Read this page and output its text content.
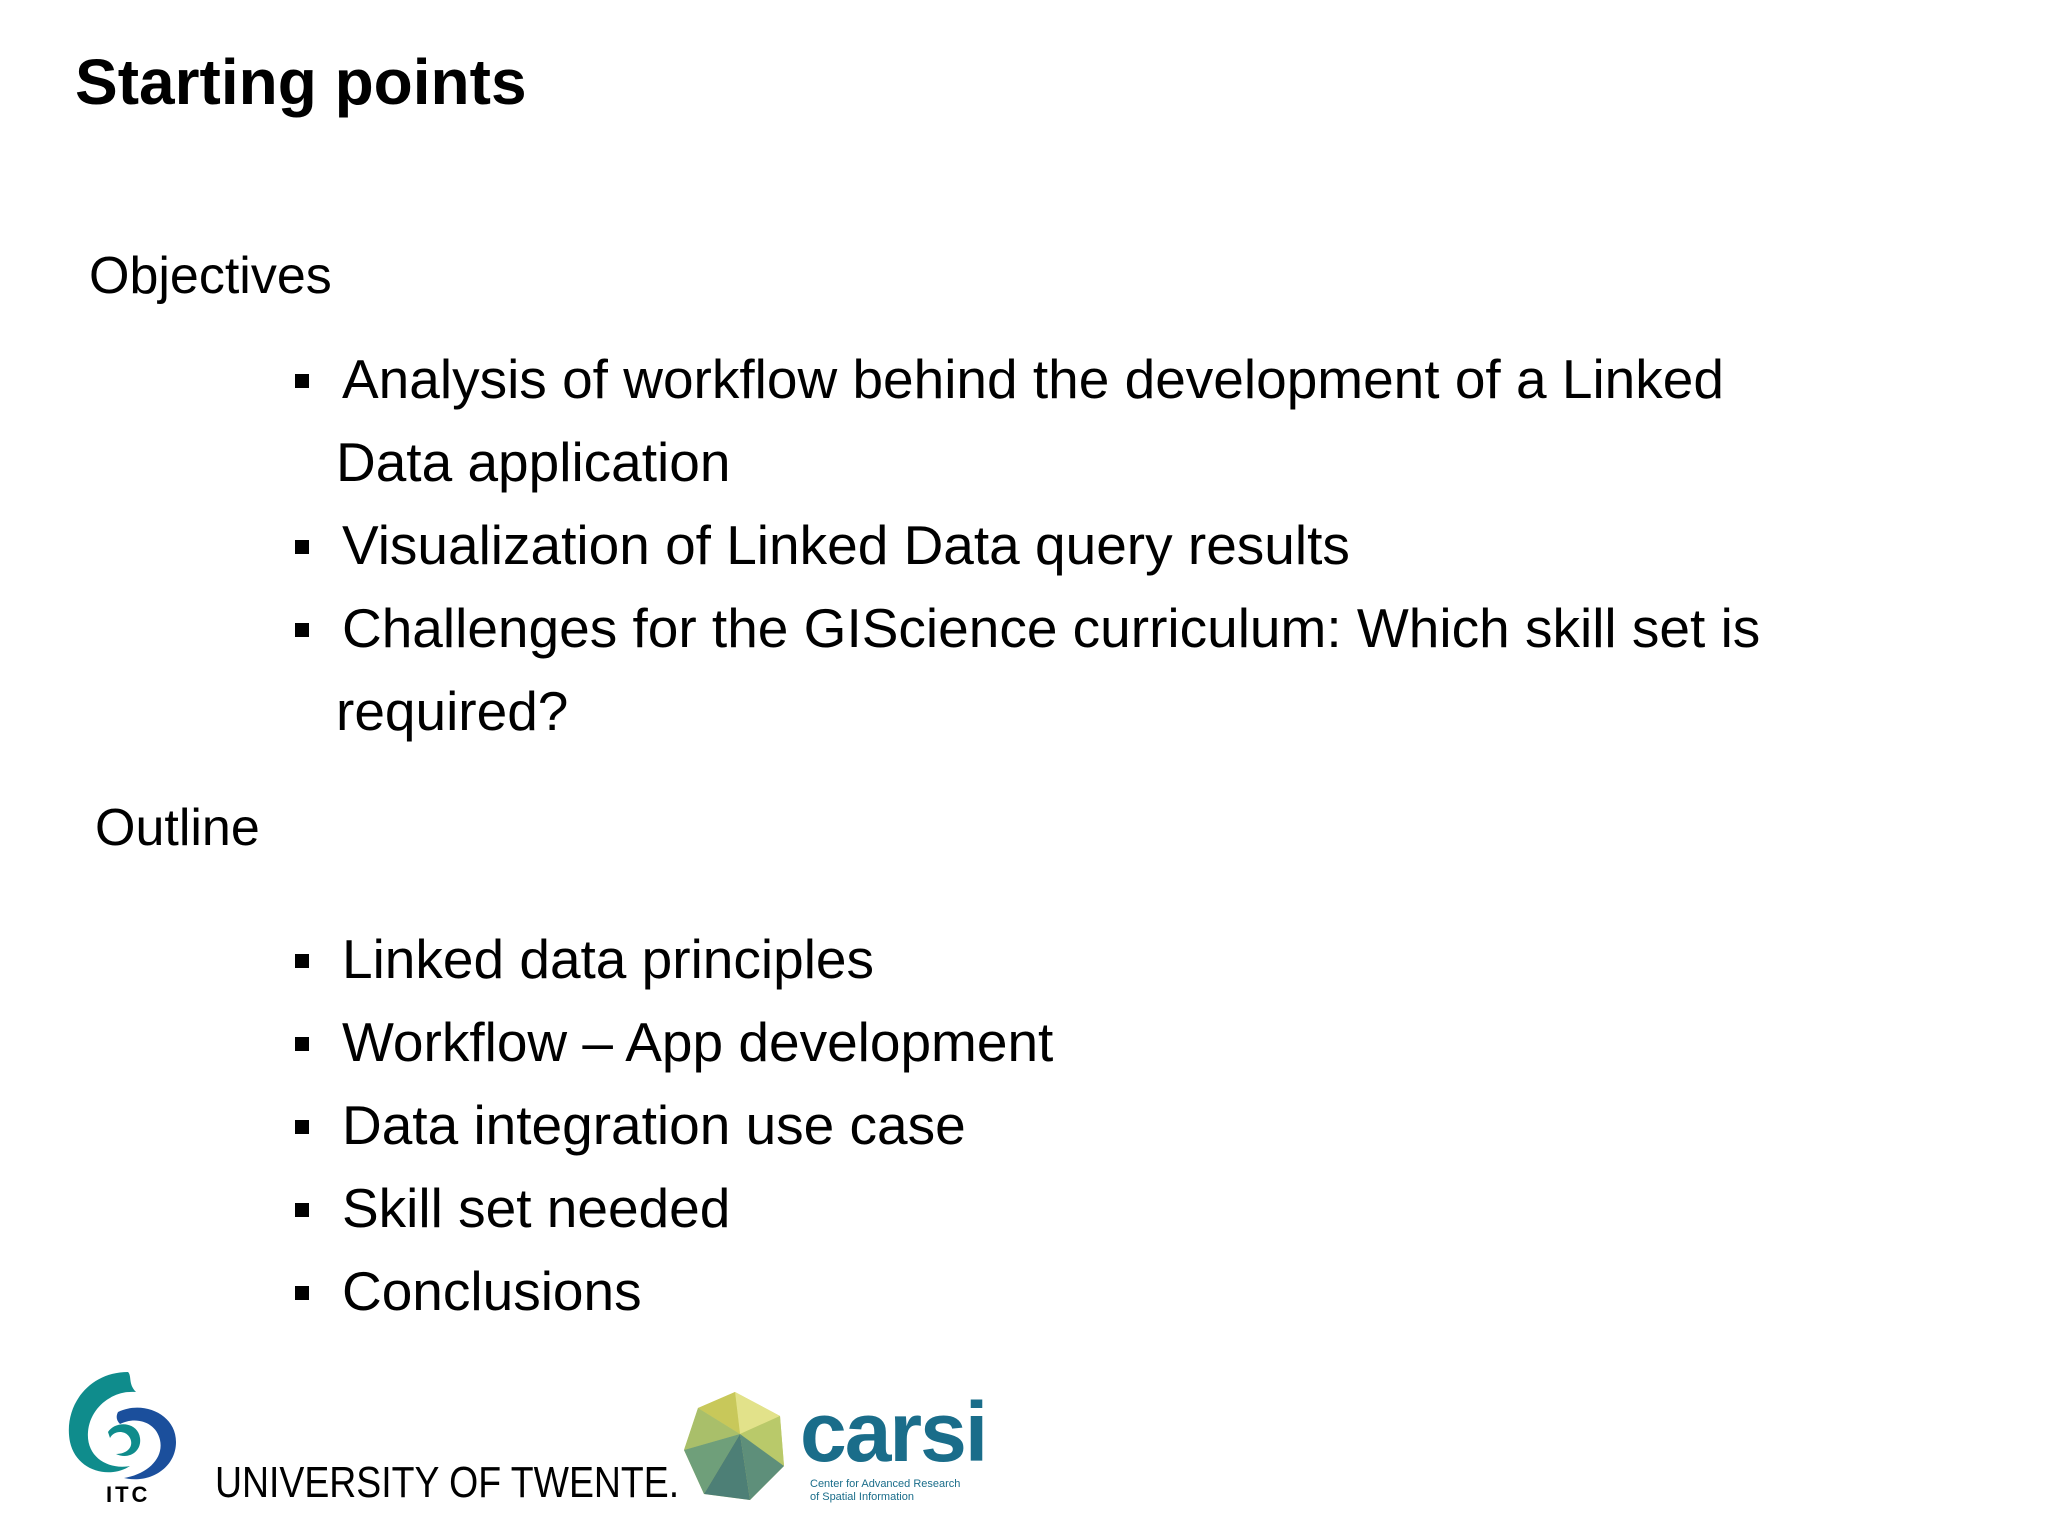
Starting points
Objectives
Analysis of workflow behind the development of a Linked
Data application
Visualization of Linked Data query results
Challenges for the GIScience curriculum: Which skill set is
required?
Outline
Linked data principles
Workflow – App development
Data integration use case
Skill set needed
Conclusions
ITC UNIVERSITY OF TWENTE.
carsi
Center for Advanced Research
of Spatial Information
